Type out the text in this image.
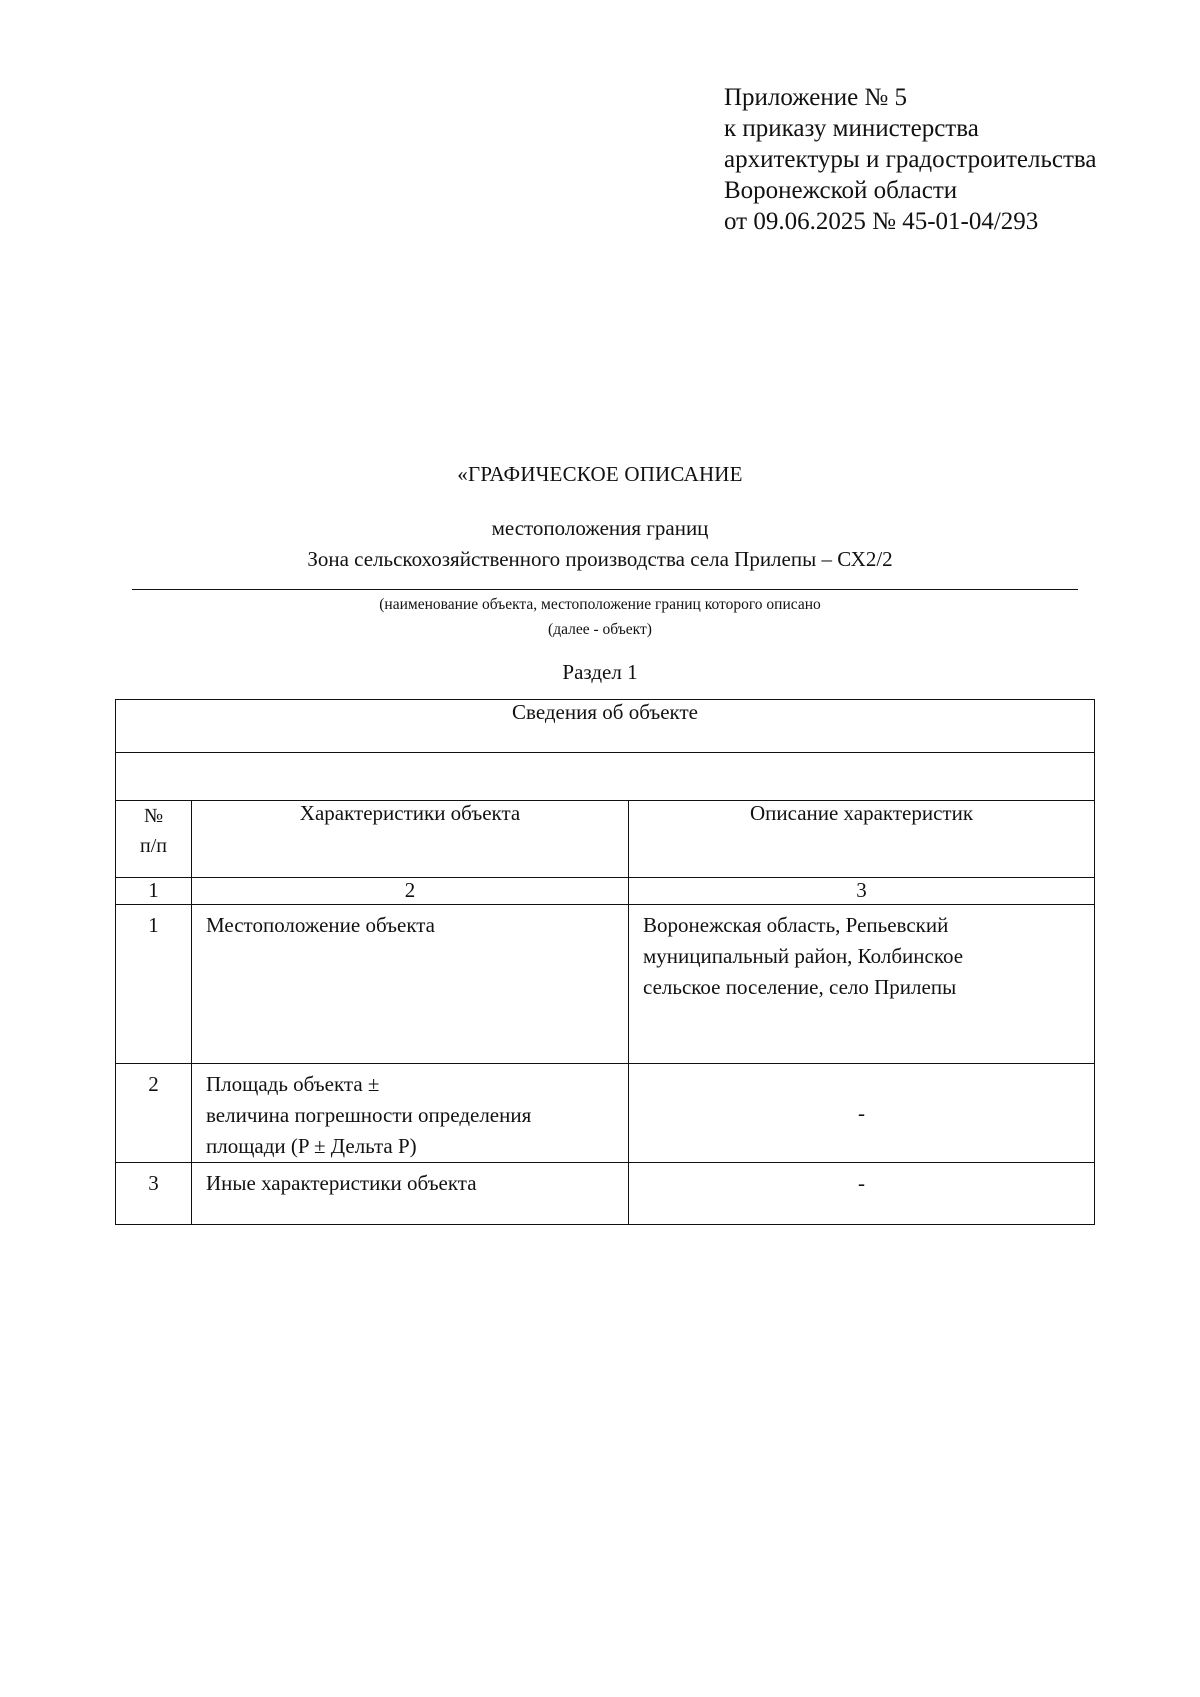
Приложение № 5
к приказу министерства
архитектуры и градостроительства
Воронежской области
от 09.06.2025 № 45-01-04/293
«ГРАФИЧЕСКОЕ ОПИСАНИЕ
местоположения границ
Зона сельскохозяйственного производства села Прилепы – СХ2/2
(наименование объекта, местоположение границ которого описано
(далее - объект)
Раздел 1
Сведения об объекте		

№
п/п	Характеристики объекта	Описание характеристик
1	2	3

1	Местоположение объекта	Воронежская область, Репьевский
муниципальный район, Колбинское
сельское поселение, село Прилепы

2	Площадь объекта ±
величина погрешности определения
площади (P ± Дельта P)	-

3	Иные характеристики объекта	-
